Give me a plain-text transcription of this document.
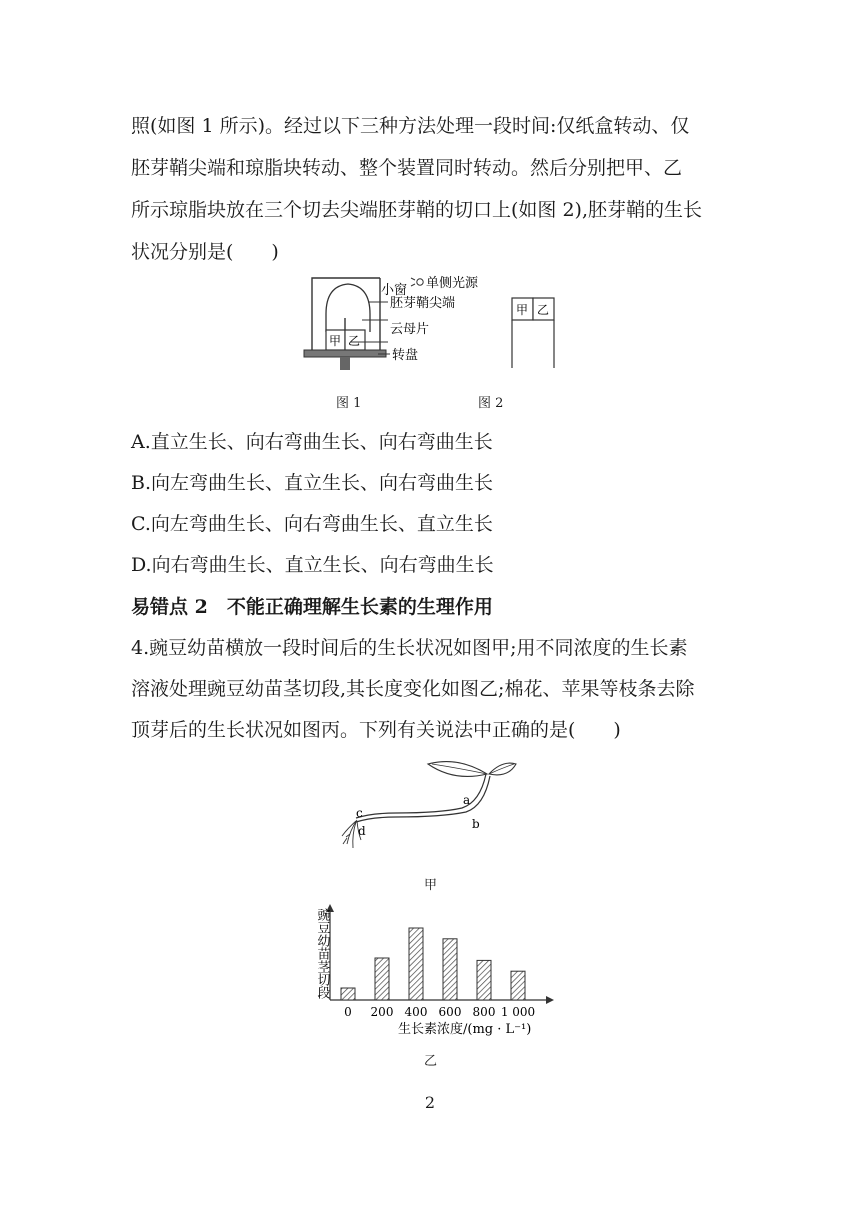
照(如图 1 所示)。经过以下三种方法处理一段时间:仅纸盒转动、仅
胚芽鞘尖端和琼脂块转动、整个装置同时转动。然后分别把甲、乙
所示琼脂块放在三个切去尖端胚芽鞘的切口上(如图 2),胚芽鞘的生长
状况分别是(　　)
甲 乙
小窗 单侧光源
胚芽鞘尖端
云母片
转盘
甲 乙
图 1	图 2
A.直立生长、向右弯曲生长、向右弯曲生长
B.向左弯曲生长、直立生长、向右弯曲生长
C.向左弯曲生长、向右弯曲生长、直立生长
D.向右弯曲生长、直立生长、向右弯曲生长
易错点 2　不能正确理解生长素的生理作用
4.豌豆幼苗横放一段时间后的生长状况如图甲;用不同浓度的生长素
溶液处理豌豆幼苗茎切段,其长度变化如图乙;棉花、苹果等枝条去除
顶芽后的生长状况如图丙。下列有关说法中正确的是(　　)
a
b
c
d
甲
豌豆幼苗茎切段
生长素浓度/(mg · L⁻¹)
0 200 400 600 800 1 000
乙
2
